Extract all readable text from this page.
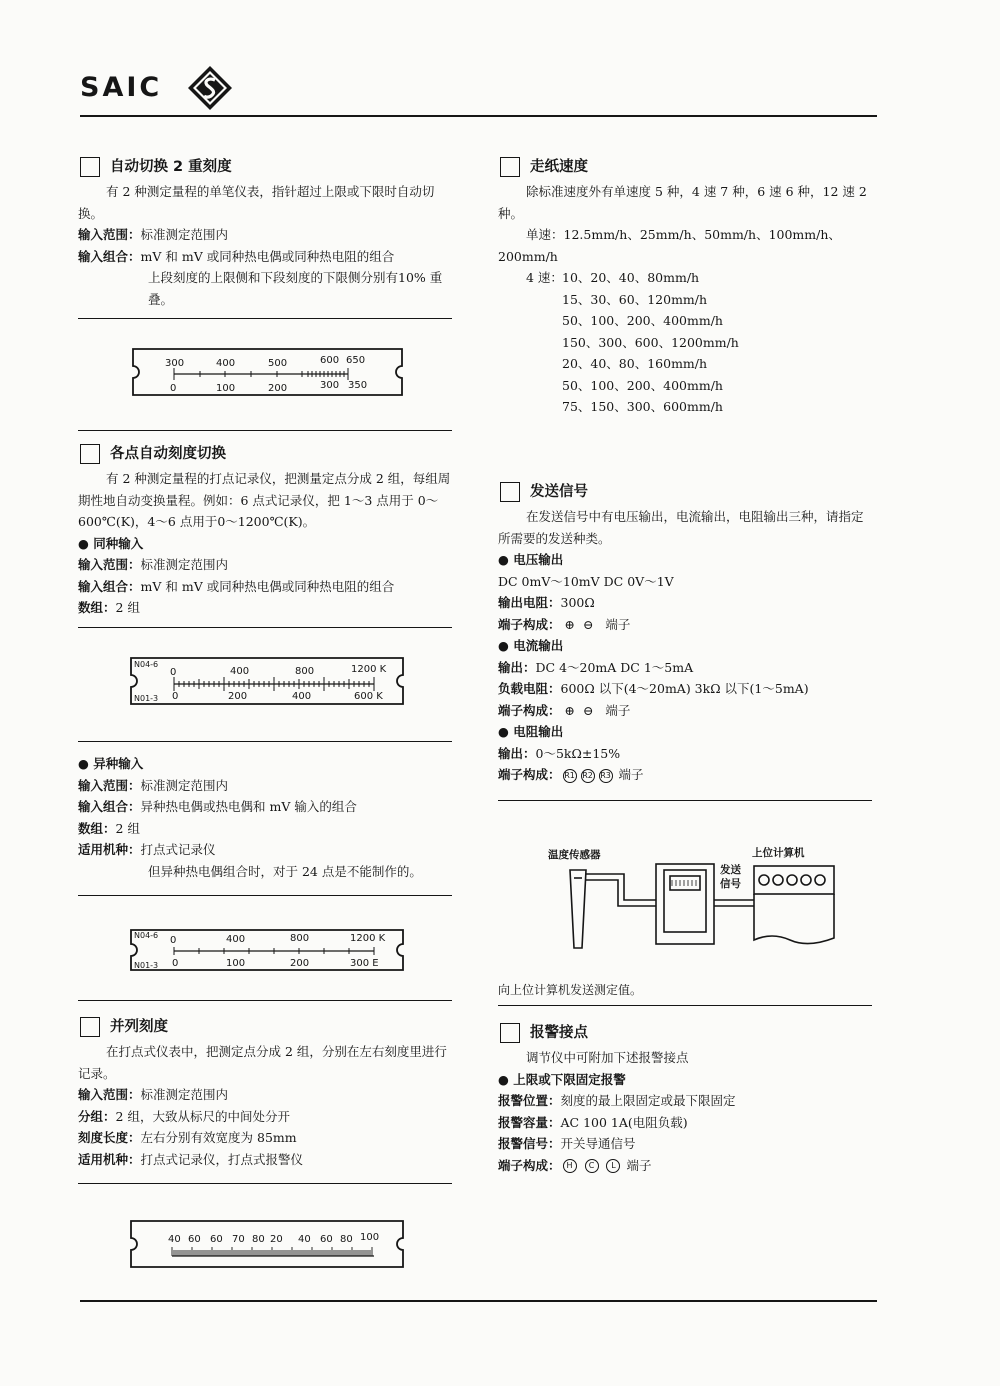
SAIC
自动切换 2 重刻度

有 2 种测定量程的单笔仪表，指针超过上限或下限时自动切换。

输入范围：标准测定范围内

输入组合：mV 和 mV 或同种热电偶或同种热电阻的组合

上段刻度的上限侧和下段刻度的下限侧分别有10% 重叠。

300	400	500	600 650
0	100	200	300 350
各点自动刻度切换

有 2 种测定量程的打点记录仪，把测量定点分成 2 组，每组周期性地自动变换量程。例如：6 点式记录仪，把 1～3 点用于 0～600℃(K)，4～6 点用于0～1200℃(K)。

● 同种输入

输入范围：标准测定范围内

输入组合：mV 和 mV 或同种热电偶或同种热电阻的组合

数组：2 组

N04-6
N01-3
0	400	800	1200 K
0	200	400	600 K

● 异种输入

输入范围：标准测定范围内

输入组合：异种热电偶或热电偶和 mV 输入的组合

数组：2 组

适用机种：打点式记录仪

但异种热电偶组合时，对于 24 点是不能制作的。

N04-6
N01-3
0	400	800	1200 K
0	100	200	300 E
并列刻度

在打点式仪表中，把测定点分成 2 组，分别在左右刻度里进行记录。

输入范围：标准测定范围内

分组：2 组，大致从标尺的中间处分开

刻度长度：左右分别有效宽度为 85mm

适用机种：打点式记录仪，打点式报警仪

40 60 60 70 80 20 40 60 80 100
走纸速度

除标准速度外有单速度 5 种，4 速 7 种，6 速 6 种，12 速 2 种。

单速：12.5mm/h、25mm/h、50mm/h、100mm/h、200mm/h

4 速： 10、20、40、80mm/h

15、30、60、120mm/h

50、100、200、400mm/h

150、300、600、1200mm/h

20、40、80、160mm/h

50、100、200、400mm/h

75、150、300、600mm/h

发送信号

在发送信号中有电压输出，电流输出，电阻输出三种，请指定所需要的发送种类。

● 电压输出

DC 0mV～10mV DC 0V～1V

输出电阻：300Ω

端子构成： ⊕ ⊖ 端子

● 电流输出

输出：DC 4～20mA DC 1～5mA

负载电阻：600Ω 以下(4～20mA) 3kΩ 以下(1～5mA)

端子构成： ⊕ ⊖ 端子

● 电阻输出

输出：0～5kΩ±15%

端子构成： R1 R2 R3 端子

温度传感器	上位计算机
发送
信号

向上位计算机发送测定值。

报警接点

调节仪中可附加下述报警接点

● 上限或下限固定报警

报警位置：刻度的最上限固定或最下限固定

报警容量：AC 100 1A(电阻负载)

报警信号：开关导通信号

端子构成： H C L 端子
